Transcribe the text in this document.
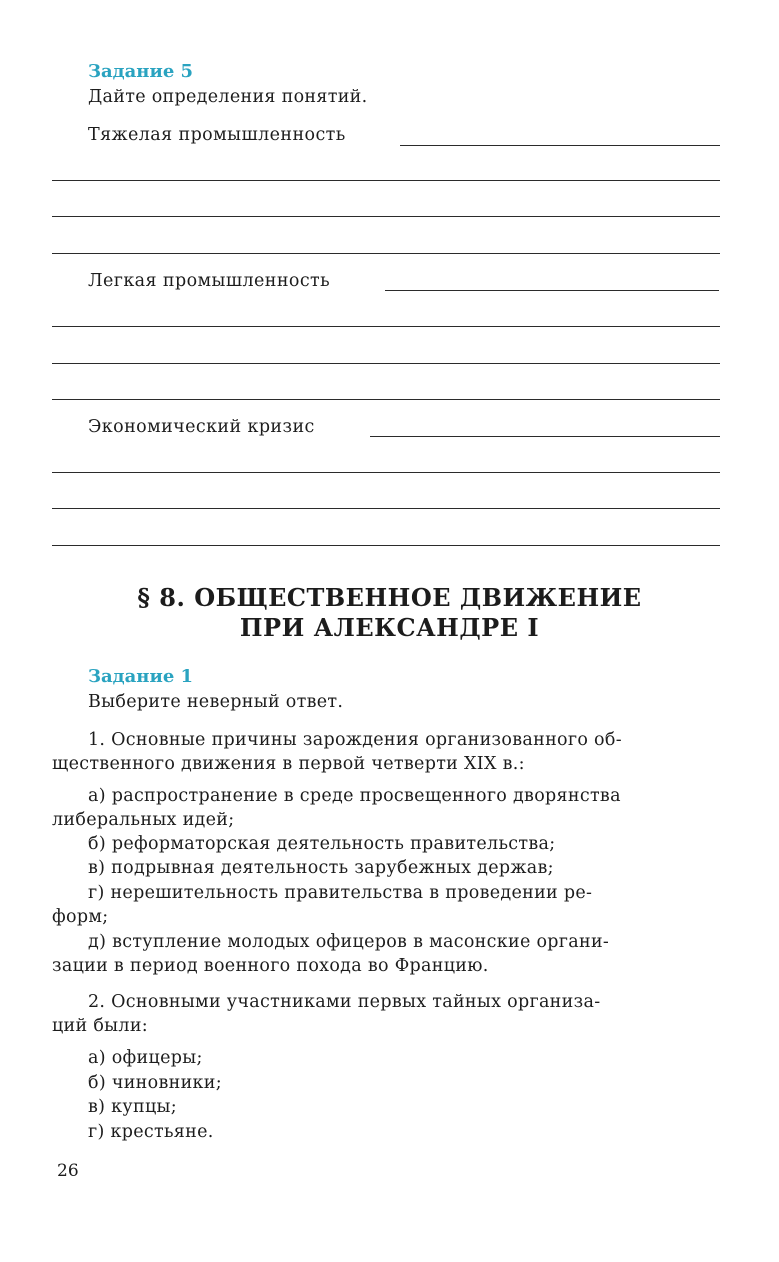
Задание 5
Дайте определения понятий.
Тяжелая промышленность
Легкая промышленность
Экономический кризис
§ 8. ОБЩЕСТВЕННОЕ ДВИЖЕНИЕ
ПРИ АЛЕКСАНДРЕ I
Задание 1
Выберите неверный ответ.
1. Основные причины зарождения организованного об-
щественного движения в первой четверти XIX в.:
а) распространение в среде просвещенного дворянства
либеральных идей;
б) реформаторская деятельность правительства;
в) подрывная деятельность зарубежных держав;
г) нерешительность правительства в проведении ре-
форм;
д) вступление молодых офицеров в масонские органи-
зации в период военного похода во Францию.
2. Основными участниками первых тайных организа-
ций были:
а) офицеры;
б) чиновники;
в) купцы;
г) крестьяне.
26
